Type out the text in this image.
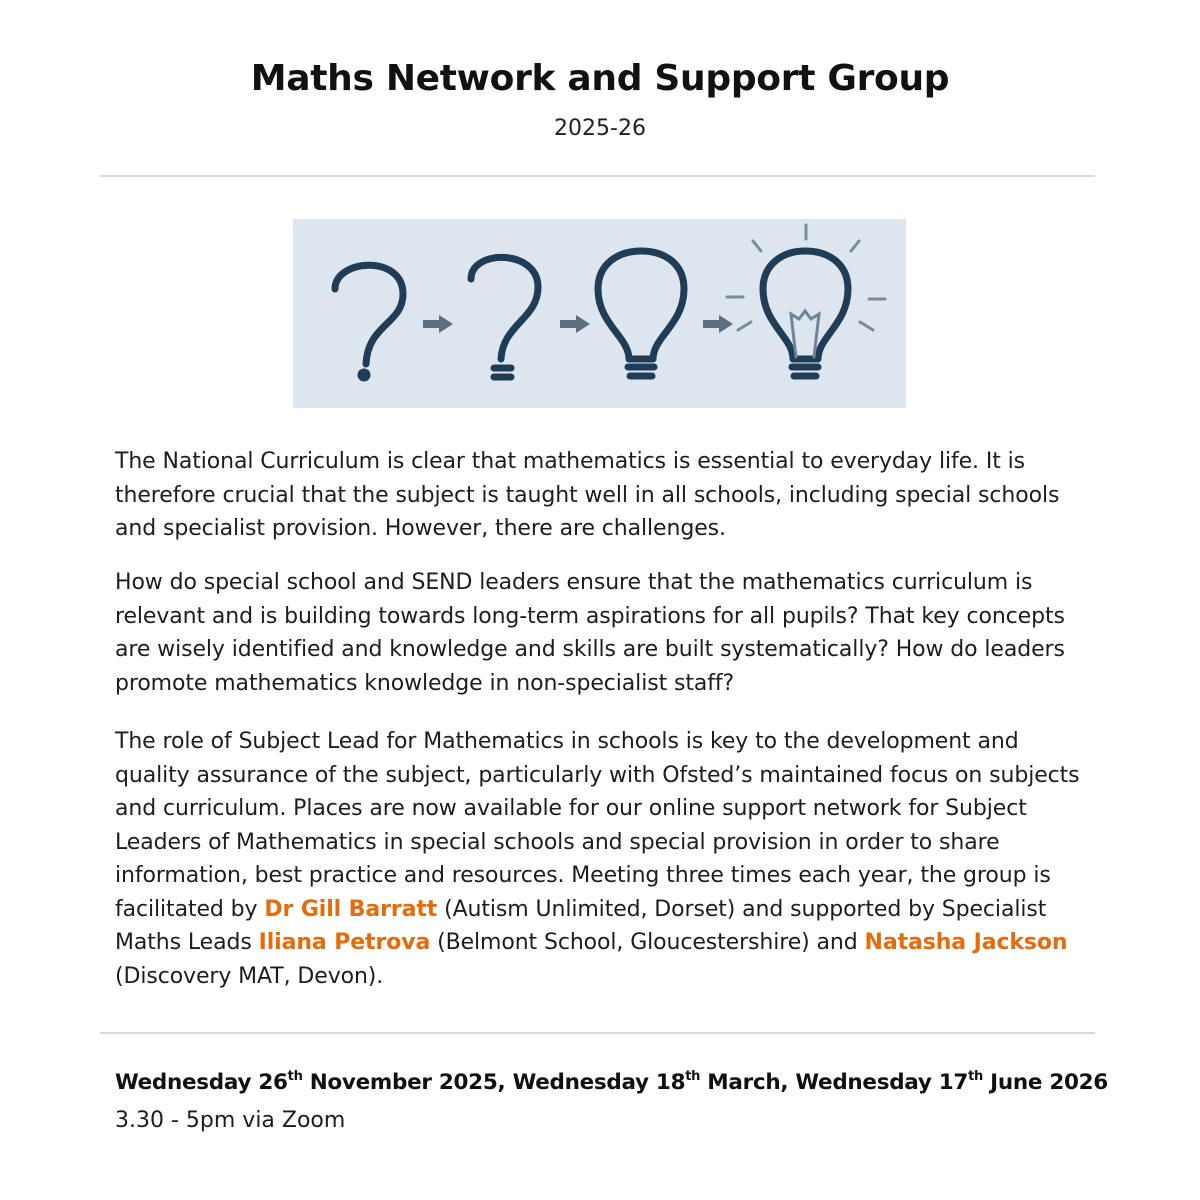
Maths Network and Support Group
2025-26

The National Curriculum is clear that mathematics is essential to everyday life. It is therefore crucial that the subject is taught well in all schools, including special schools and specialist provision. However, there are challenges.

How do special school and SEND leaders ensure that the mathematics curriculum is relevant and is building towards long-term aspirations for all pupils? That key concepts are wisely identified and knowledge and skills are built systematically? How do leaders promote mathematics knowledge in non-specialist staff?

The role of Subject Lead for Mathematics in schools is key to the development and quality assurance of the subject, particularly with Ofsted’s maintained focus on subjects and curriculum. Places are now available for our online support network for Subject Leaders of Mathematics in special schools and special provision in order to share information, best practice and resources. Meeting three times each year, the group is facilitated by Dr Gill Barratt (Autism Unlimited, Dorset) and supported by Specialist Maths Leads Iliana Petrova (Belmont School, Gloucestershire) and Natasha Jackson (Discovery MAT, Devon).

Wednesday 26th November 2025, Wednesday 18th March, Wednesday 17th June 2026
3.30 - 5pm via Zoom
